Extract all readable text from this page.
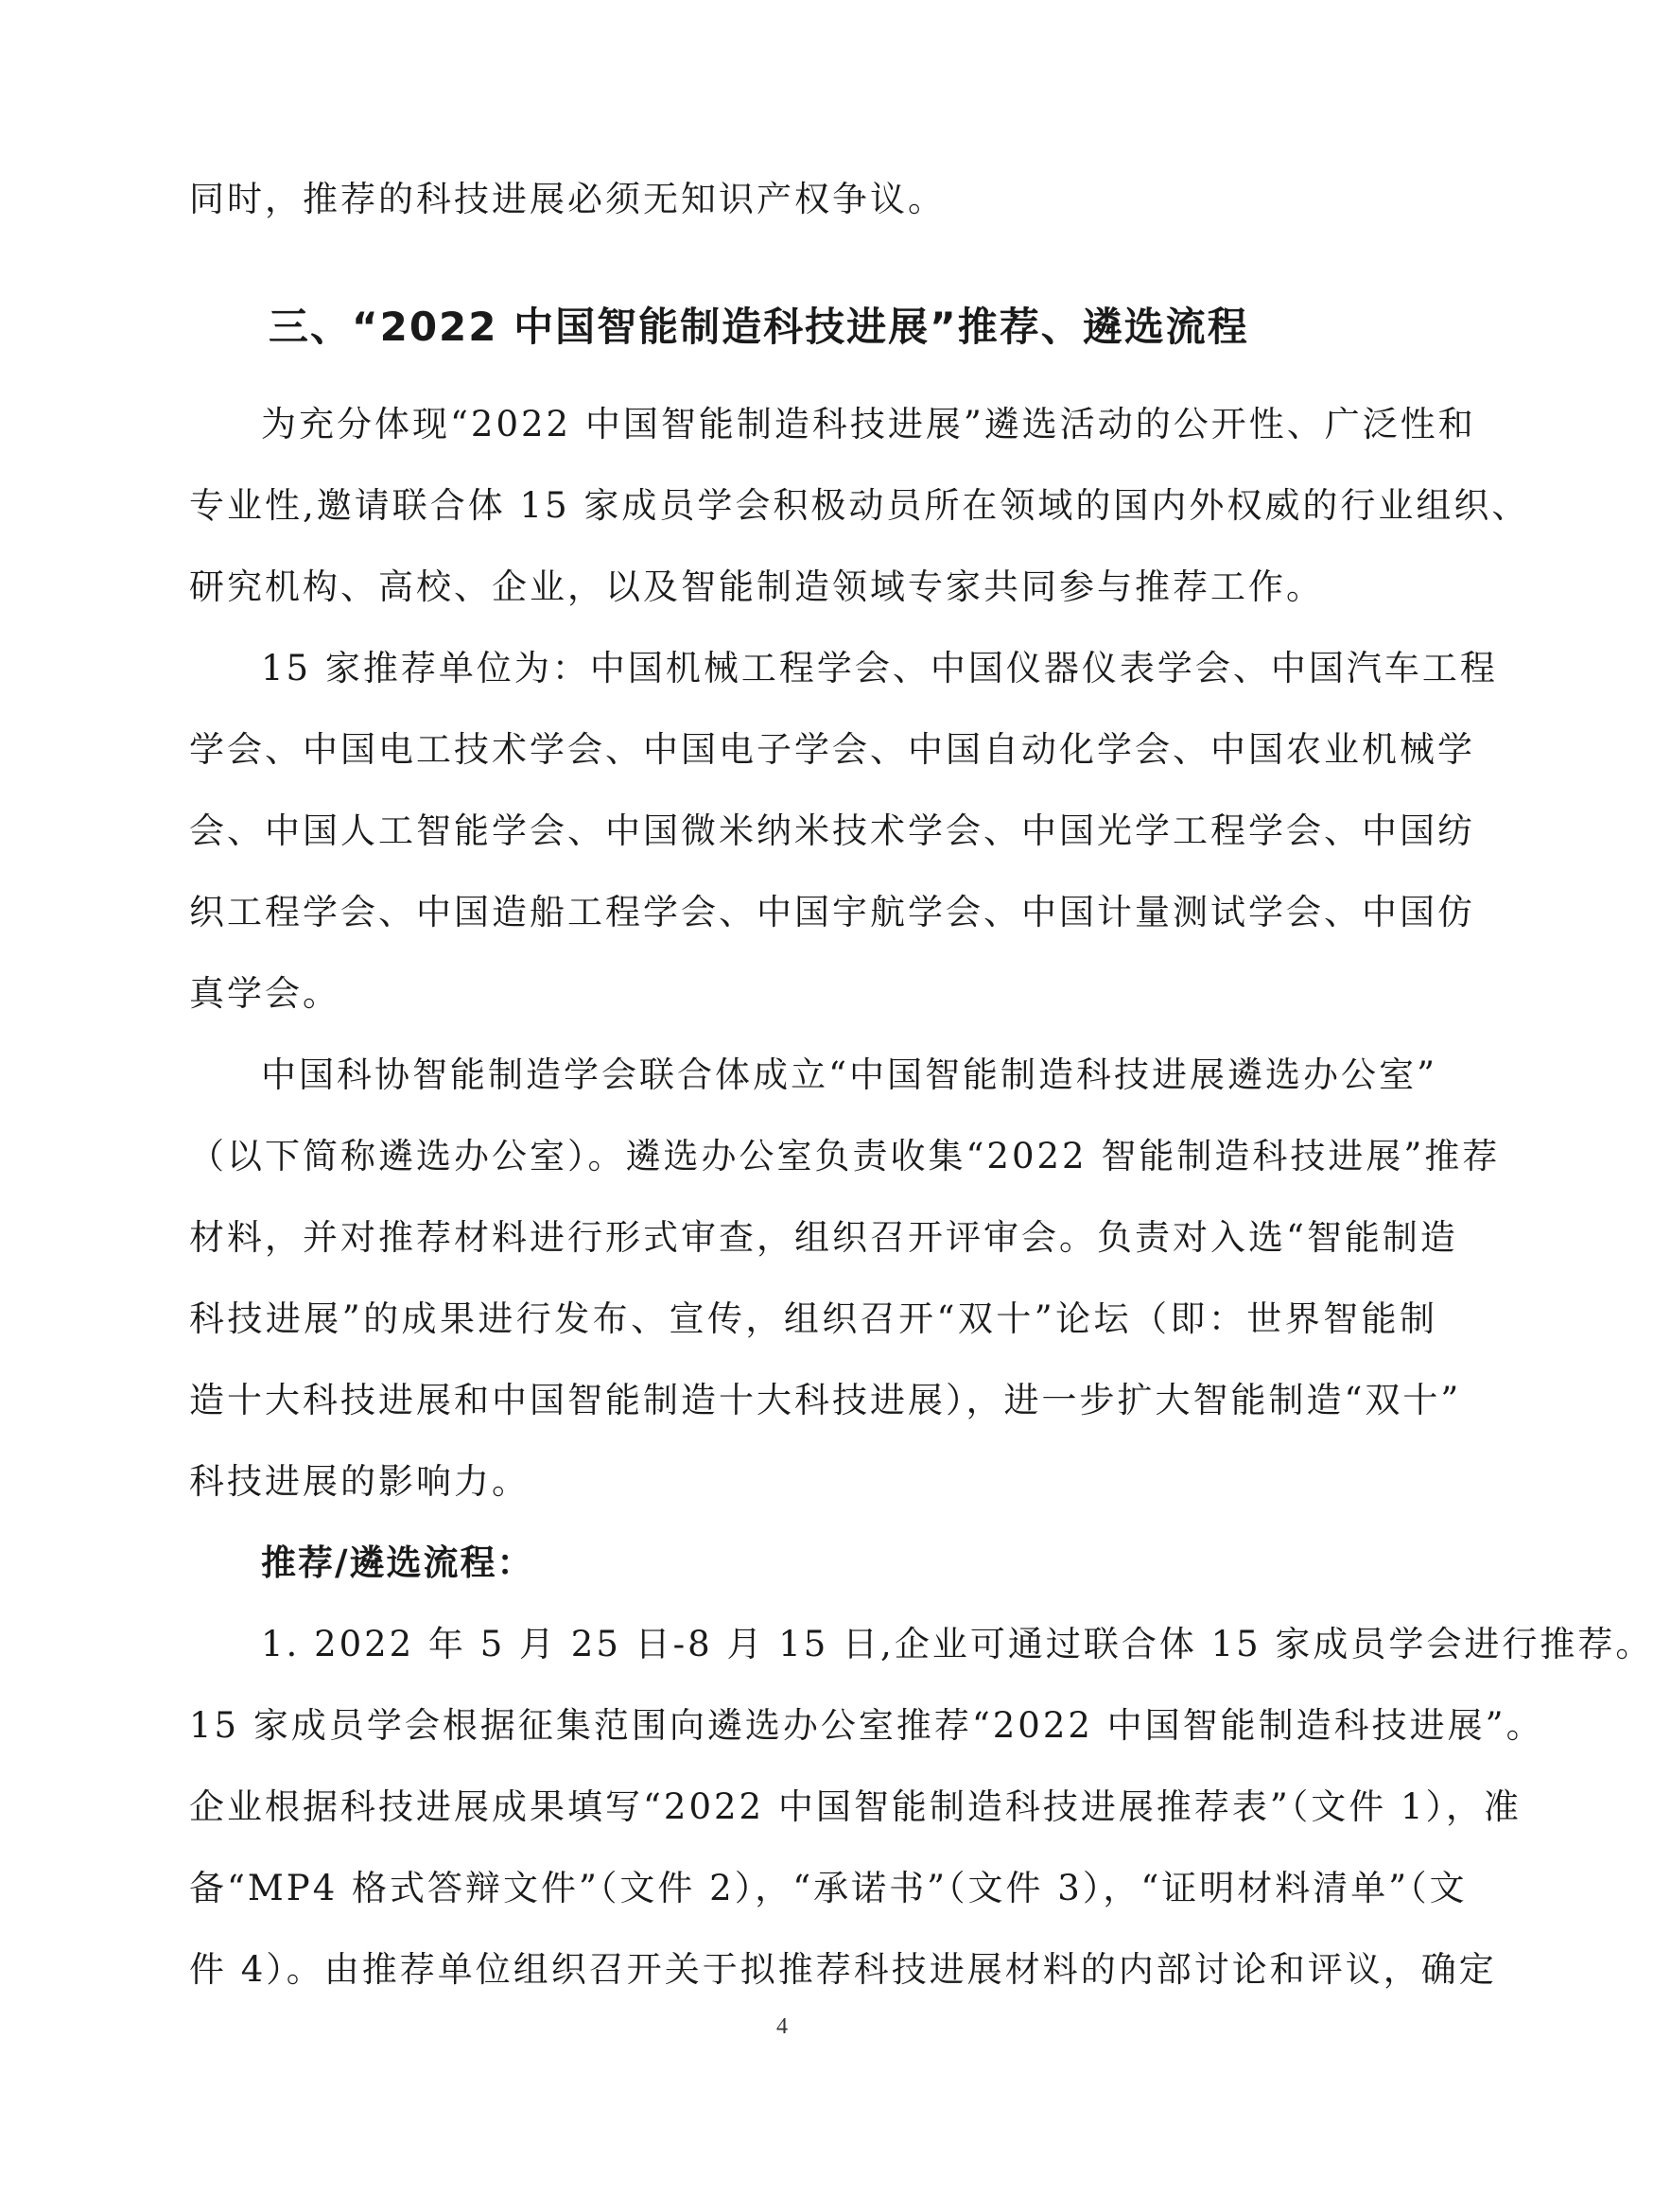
同时，推荐的科技进展必须无知识产权争议。
三、“2022 中国智能制造科技进展”推荐、遴选流程
为充分体现“2022 中国智能制造科技进展”遴选活动的公开性、广泛性和
专业性,邀请联合体 15 家成员学会积极动员所在领域的国内外权威的行业组织、
研究机构、高校、企业，以及智能制造领域专家共同参与推荐工作。
15 家推荐单位为：中国机械工程学会、中国仪器仪表学会、中国汽车工程
学会、中国电工技术学会、中国电子学会、中国自动化学会、中国农业机械学
会、中国人工智能学会、中国微米纳米技术学会、中国光学工程学会、中国纺
织工程学会、中国造船工程学会、中国宇航学会、中国计量测试学会、中国仿
真学会。
中国科协智能制造学会联合体成立“中国智能制造科技进展遴选办公室”
（以下简称遴选办公室）。遴选办公室负责收集“2022 智能制造科技进展”推荐
材料，并对推荐材料进行形式审查，组织召开评审会。负责对入选“智能制造
科技进展”的成果进行发布、宣传，组织召开“双十”论坛（即：世界智能制
造十大科技进展和中国智能制造十大科技进展），进一步扩大智能制造“双十”
科技进展的影响力。
推荐/遴选流程：
1. 2022 年 5 月 25 日-8 月 15 日,企业可通过联合体 15 家成员学会进行推荐。
15 家成员学会根据征集范围向遴选办公室推荐“2022 中国智能制造科技进展”。
企业根据科技进展成果填写“2022 中国智能制造科技进展推荐表”（文件 1），准
备“MP4 格式答辩文件”（文件 2），“承诺书”（文件 3），“证明材料清单”（文
件 4）。由推荐单位组织召开关于拟推荐科技进展材料的内部讨论和评议，确定
4
